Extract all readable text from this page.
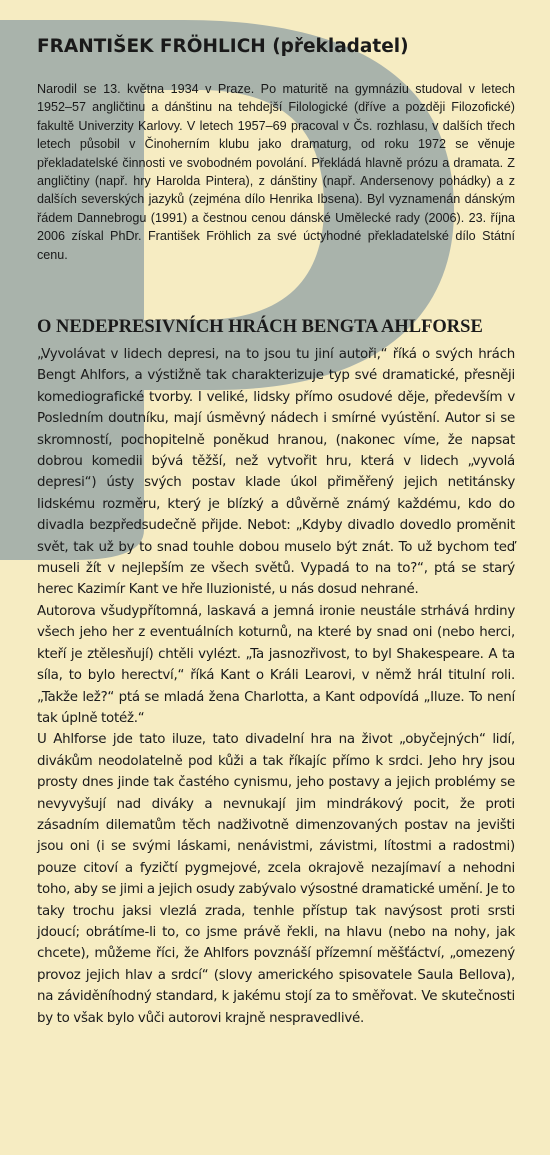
FRANTIŠEK FRÖHLICH (překladatel)

Narodil se 13. května 1934 v Praze. Po maturitě na gymnáziu studoval v letech 1952–57 angličtinu a dánštinu na tehdejší Filologické (dříve a později Filozofické) fakultě Univerzity Karlovy. V letech 1957–69 pracoval v Čs. rozhlasu, v dalších třech letech působil v Činoherním klubu jako dramaturg, od roku 1972 se věnuje překladatelské činnosti ve svobodném povolání. Překládá hlavně prózu a dramata. Z angličtiny (např. hry Harolda Pintera), z dánštiny (např. Andersenovy pohádky) a z dalších severských jazyků (zejména dílo Henrika Ibsena). Byl vyznamenán dánským řádem Dannebrogu (1991) a čestnou cenou dánské Umělecké rady (2006). 23. října 2006 získal PhDr. František Fröhlich za své úctyhodné překladatelské dílo Státní cenu.

O NEDEPRESIVNÍCH HRÁCH BENGTA AHLFORSE

„Vyvolávat v lidech depresi, na to jsou tu jiní autoři,“ říká o svých hrách Bengt Ahlfors, a výstižně tak charakterizuje typ své dramatické, přesněji komediografické tvorby. I veliké, lidsky přímo osudové děje, především v Posledním doutníku, mají úsměvný nádech i smírné vyústění. Autor si se skromností, pochopitelně poněkud hranou, (nakonec víme, že napsat dobrou komedii bývá těžší, než vytvořit hru, která v lidech „vyvolá depresi“) ústy svých postav klade úkol přiměřený jejich netitánsky lidskému rozměru, který je blízký a důvěrně známý každému, kdo do divadla bezpředsudečně přijde. Nebot: „Kdyby divadlo dovedlo proměnit svět, tak už by to snad touhle dobou muselo být znát. To už bychom teď museli žít v nejlepším ze všech světů. Vypadá to na to?“, ptá se starý herec Kazimír Kant ve hře Iluzionisté, u nás dosud nehrané.

Autorova všudypřítomná, laskavá a jemná ironie neustále strhává hrdiny všech jeho her z eventuálních koturnů, na které by snad oni (nebo herci, kteří je ztělesňují) chtěli vylézt. „Ta jasnozřivost, to byl Shakespeare. A ta síla, to bylo herectví,“ říká Kant o Králi Learovi, v němž hrál titulní roli. „Takže lež?“ ptá se mladá žena Charlotta, a Kant odpovídá „Iluze. To není tak úplně totéž.“

U Ahlforse jde tato iluze, tato divadelní hra na život „obyčejných“ lidí, divákům neodolatelně pod kůži a tak říkajíc přímo k srdci. Jeho hry jsou prosty dnes jinde tak častého cynismu, jeho postavy a jejich problémy se nevyvyšují nad diváky a nevnukají jim mindrákový pocit, že proti zásadním dilematům těch nadživotně dimenzovaných postav na jevišti jsou oni (i se svými láskami, nenávistmi, závistmi, lítostmi a radostmi) pouze citoví a fyzičtí pygmejové, zcela okrajově nezajímaví a nehodni toho, aby se jimi a jejich osudy zabývalo výsostné dramatické umění. Je to taky trochu jaksi vlezlá zrada, tenhle přístup tak navýsost proti srsti jdoucí; obrátíme-li to, co jsme právě řekli, na hlavu (nebo na nohy, jak chcete), můžeme říci, že Ahlfors povznáší přízemní měšťáctví, „omezený provoz jejich hlav a srdcí“ (slovy amerického spisovatele Saula Bellova), na záviděníhodný standard, k jakému stojí za to směřovat. Ve skutečnosti by to však bylo vůči autorovi krajně nespravedlivé.
